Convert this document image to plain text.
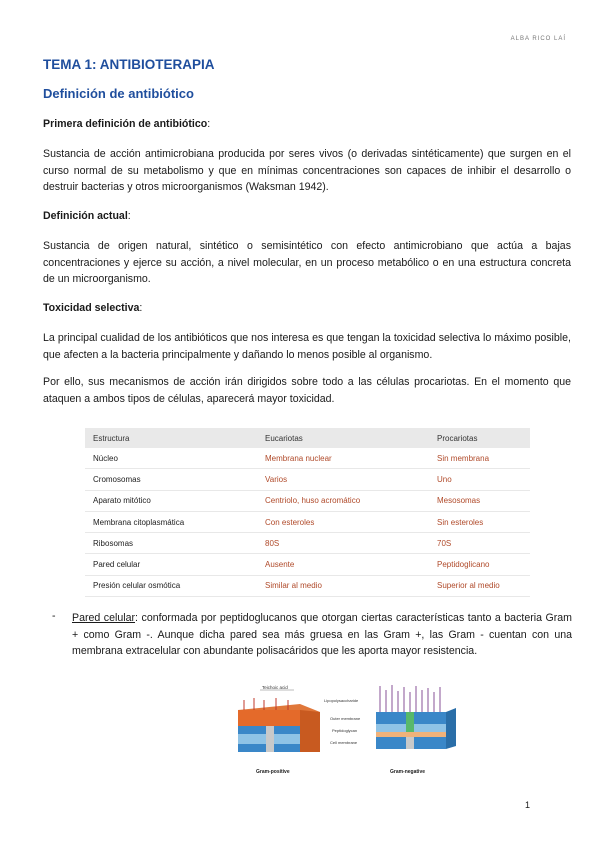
ALBA RICO LAÍ
TEMA 1: ANTIBIOTERAPIA
Definición de antibiótico
Primera definición de antibiótico:
Sustancia de acción antimicrobiana producida por seres vivos (o derivadas sintéticamente) que surgen en el curso normal de su metabolismo y que en mínimas concentraciones son capaces de inhibir el desarrollo o destruir bacterias y otros microorganismos (Waksman 1942).
Definición actual:
Sustancia de origen natural, sintético o semisintético con efecto antimicrobiano que actúa a bajas concentraciones y ejerce su acción, a nivel molecular, en un proceso metabólico o en una estructura concreta de un microorganismo.
Toxicidad selectiva:
La principal cualidad de los antibióticos que nos interesa es que tengan la toxicidad selectiva lo máximo posible, que afecten a la bacteria principalmente y dañando lo menos posible al organismo.
Por ello, sus mecanismos de acción irán dirigidos sobre todo a las células procariotas. En el momento que ataquen a ambos tipos de células, aparecerá mayor toxicidad.
Estructura	Eucariotas	Procariotas
Núcleo	Membrana nuclear	Sin membrana
Cromosomas	Varios	Uno
Aparato mitótico	Centriolo, huso acromático	Mesosomas
Membrana citoplasmática	Con esteroles	Sin esteroles
Ribosomas	80S	70S
Pared celular	Ausente	Peptidoglicano
Presión celular osmótica	Similar al medio	Superior al medio
- Pared celular: conformada por peptidoglucanos que otorgan ciertas características tanto a bacteria Gram + como Gram -. Aunque dicha pared sea más gruesa en las Gram +, las Gram - cuentan con una membrana extracelular con abundante polisacáridos que les aporta mayor resistencia.
Teichoic acid
Gram-positive
Lipopolysaccharide
Outer membrane
Peptidoglycan
Cell membrane
Gram-negative
1
